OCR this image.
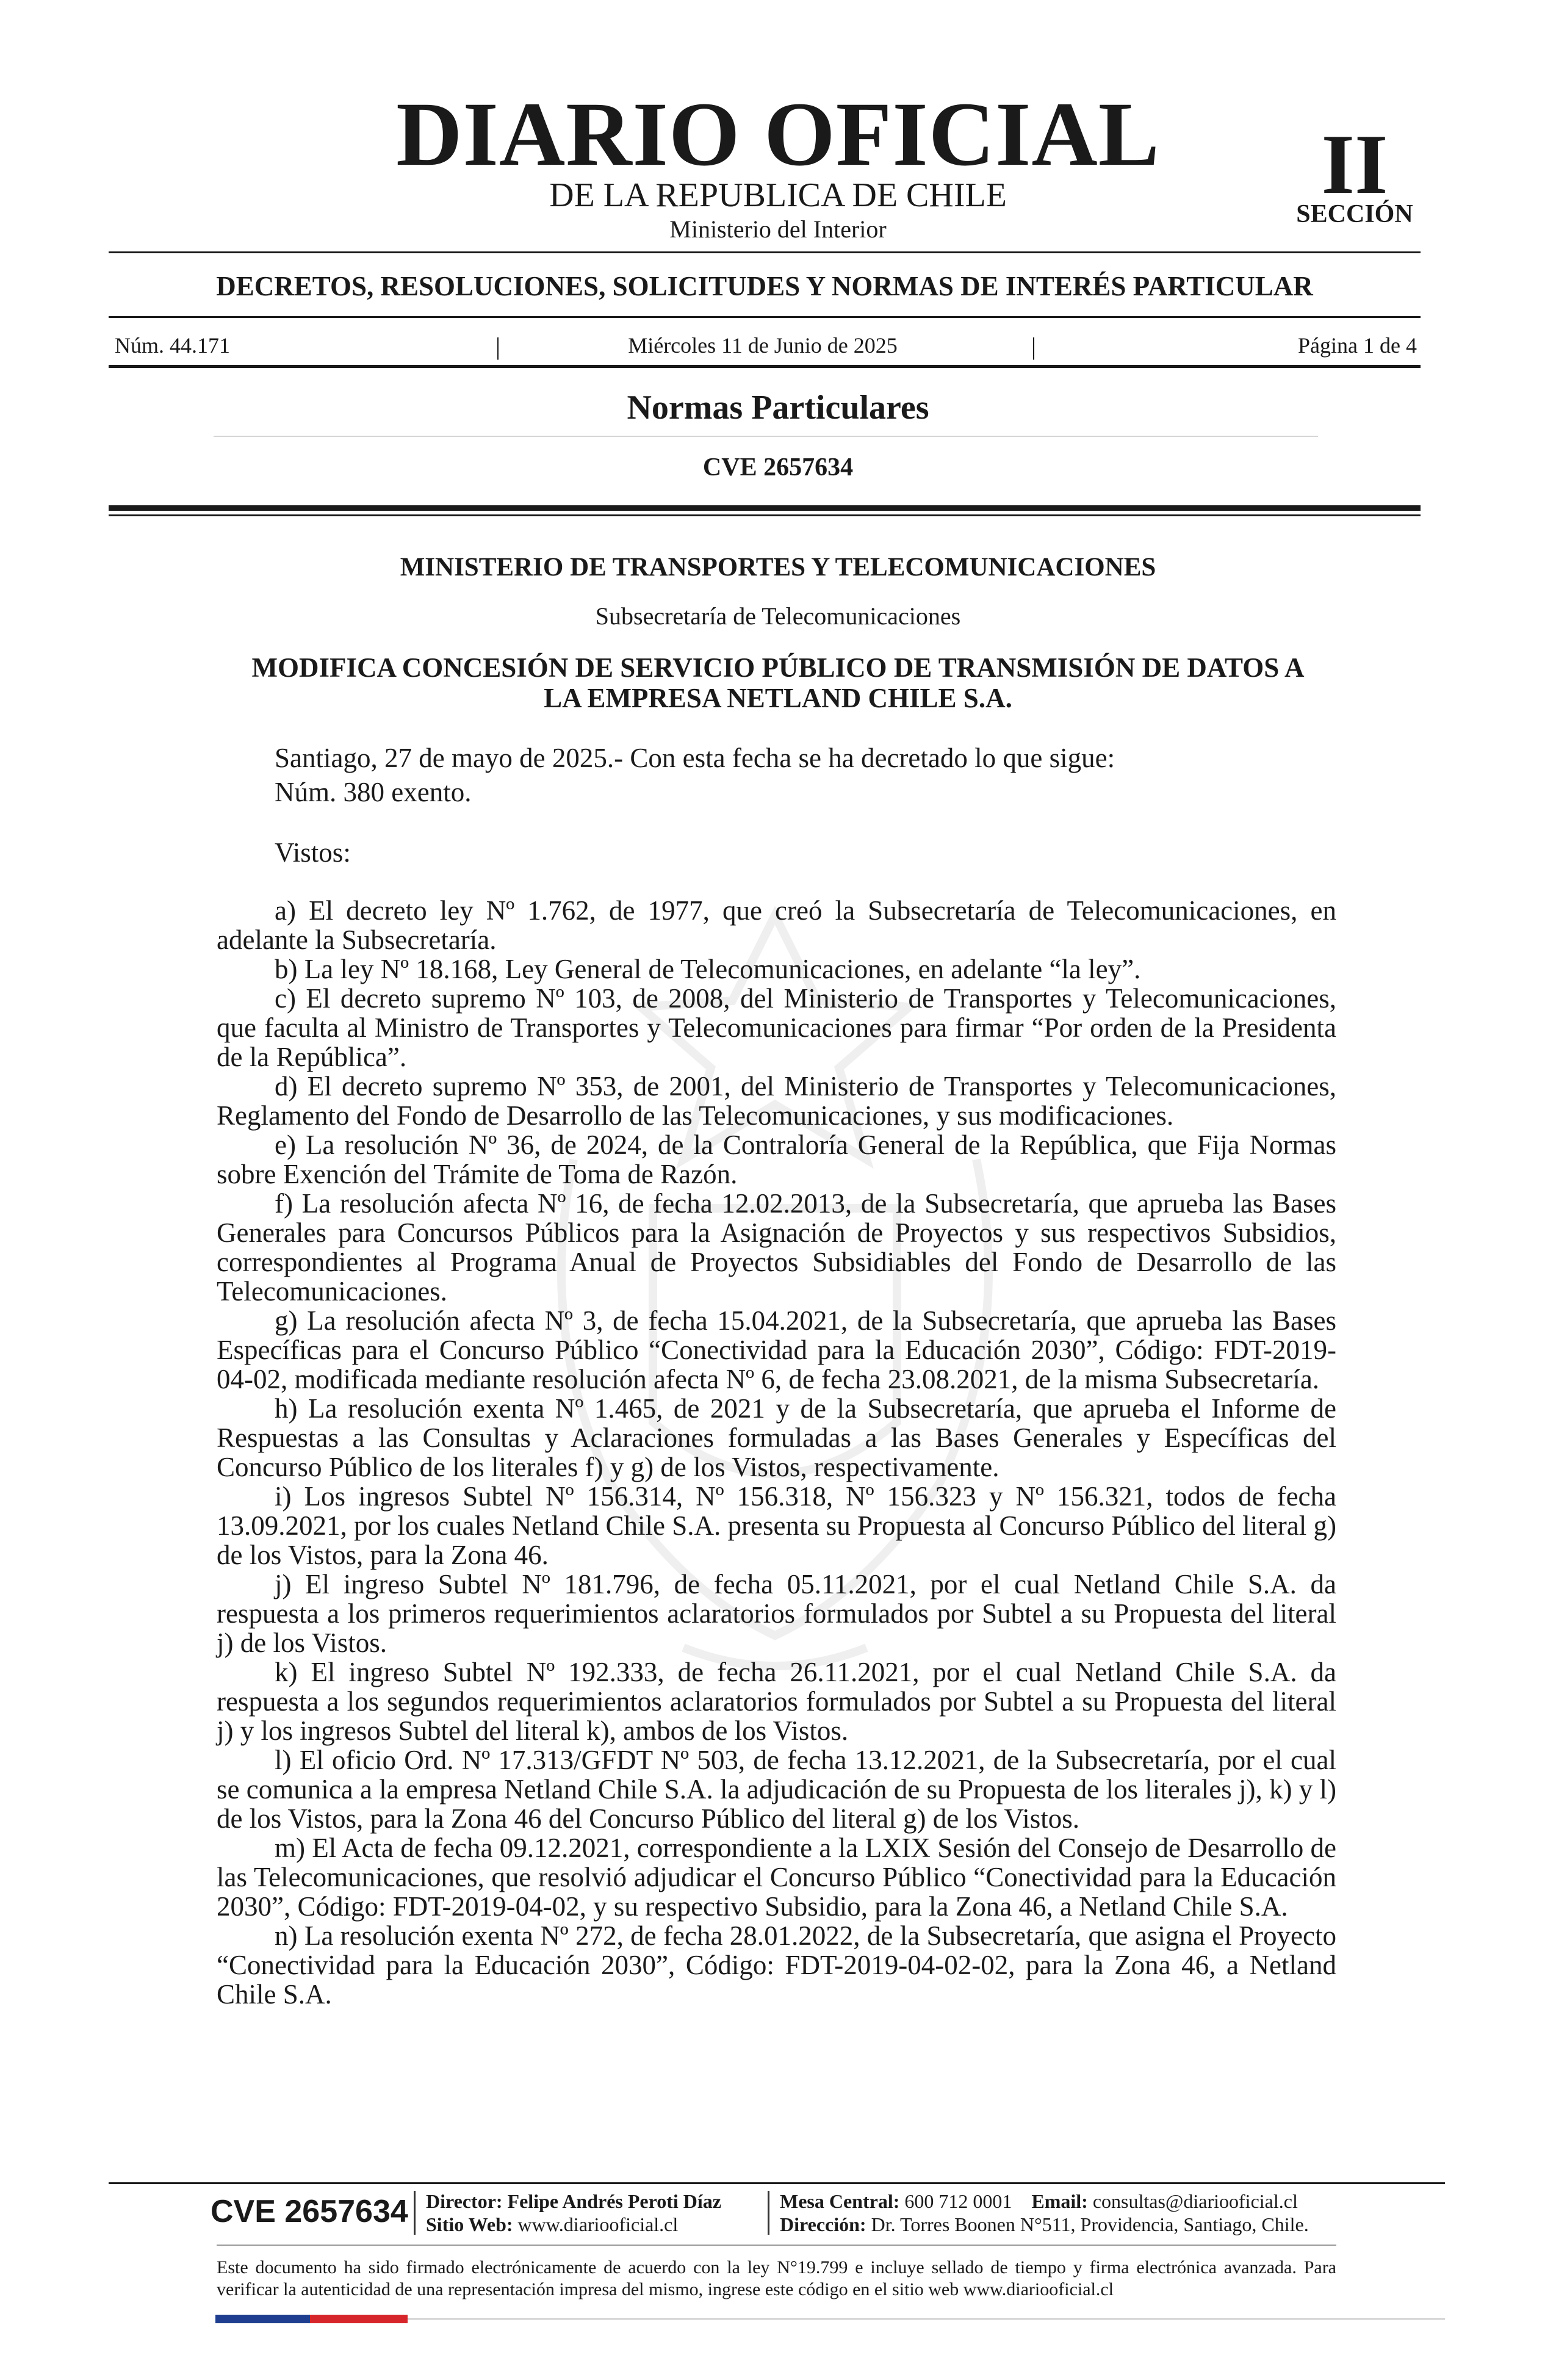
DIARIO OFICIAL
DE LA REPUBLICA DE CHILE
Ministerio del Interior
II
SECCIÓN
DECRETOS, RESOLUCIONES, SOLICITUDES Y NORMAS DE INTERÉS PARTICULAR
Núm. 44.171	|	Miércoles 11 de Junio de 2025	|	Página 1 de 4
Normas Particulares
CVE 2657634
MINISTERIO DE TRANSPORTES Y TELECOMUNICACIONES
Subsecretaría de Telecomunicaciones
MODIFICA CONCESIÓN DE SERVICIO PÚBLICO DE TRANSMISIÓN DE DATOS A
LA EMPRESA NETLAND CHILE S.A.
Santiago, 27 de mayo de 2025.- Con esta fecha se ha decretado lo que sigue:
Núm. 380 exento.
Vistos:

a) El decreto ley Nº 1.762, de 1977, que creó la Subsecretaría de Telecomunicaciones, en adelante la Subsecretaría.

b) La ley Nº 18.168, Ley General de Telecomunicaciones, en adelante “la ley”.

c) El decreto supremo Nº 103, de 2008, del Ministerio de Transportes y Telecomunicaciones, que faculta al Ministro de Transportes y Telecomunicaciones para firmar “Por orden de la Presidenta de la República”.

d) El decreto supremo Nº 353, de 2001, del Ministerio de Transportes y Telecomunicaciones, Reglamento del Fondo de Desarrollo de las Telecomunicaciones, y sus modificaciones.

e) La resolución Nº 36, de 2024, de la Contraloría General de la República, que Fija Normas sobre Exención del Trámite de Toma de Razón.

f) La resolución afecta Nº 16, de fecha 12.02.2013, de la Subsecretaría, que aprueba las Bases Generales para Concursos Públicos para la Asignación de Proyectos y sus respectivos Subsidios, correspondientes al Programa Anual de Proyectos Subsidiables del Fondo de Desarrollo de las Telecomunicaciones.

g) La resolución afecta Nº 3, de fecha 15.04.2021, de la Subsecretaría, que aprueba las Bases Específicas para el Concurso Público “Conectividad para la Educación 2030”, Código: FDT-2019-04-02, modificada mediante resolución afecta Nº 6, de fecha 23.08.2021, de la misma Subsecretaría.

h) La resolución exenta Nº 1.465, de 2021 y de la Subsecretaría, que aprueba el Informe de Respuestas a las Consultas y Aclaraciones formuladas a las Bases Generales y Específicas del Concurso Público de los literales f) y g) de los Vistos, respectivamente.

i) Los ingresos Subtel Nº 156.314, Nº 156.318, Nº 156.323 y Nº 156.321, todos de fecha 13.09.2021, por los cuales Netland Chile S.A. presenta su Propuesta al Concurso Público del literal g) de los Vistos, para la Zona 46.

j) El ingreso Subtel Nº 181.796, de fecha 05.11.2021, por el cual Netland Chile S.A. da respuesta a los primeros requerimientos aclaratorios formulados por Subtel a su Propuesta del literal j) de los Vistos.

k) El ingreso Subtel Nº 192.333, de fecha 26.11.2021, por el cual Netland Chile S.A. da respuesta a los segundos requerimientos aclaratorios formulados por Subtel a su Propuesta del literal j) y los ingresos Subtel del literal k), ambos de los Vistos.

l) El oficio Ord. Nº 17.313/GFDT Nº 503, de fecha 13.12.2021, de la Subsecretaría, por el cual se comunica a la empresa Netland Chile S.A. la adjudicación de su Propuesta de los literales j), k) y l) de los Vistos, para la Zona 46 del Concurso Público del literal g) de los Vistos.

m) El Acta de fecha 09.12.2021, correspondiente a la LXIX Sesión del Consejo de Desarrollo de las Telecomunicaciones, que resolvió adjudicar el Concurso Público “Conectividad para la Educación 2030”, Código: FDT-2019-04-02, y su respectivo Subsidio, para la Zona 46, a Netland Chile S.A.

n) La resolución exenta Nº 272, de fecha 28.01.2022, de la Subsecretaría, que asigna el Proyecto “Conectividad para la Educación 2030”, Código: FDT-2019-04-02-02, para la Zona 46, a Netland Chile S.A.

CVE 2657634 Director: Felipe Andrés Peroti Díaz
Sitio Web: www.diariooficial.cl
Mesa Central: 600 712 0001 Email: consultas@diariooficial.cl
Dirección: Dr. Torres Boonen N°511, Providencia, Santiago, Chile.
Este documento ha sido firmado electrónicamente de acuerdo con la ley N°19.799 e incluye sellado de tiempo y firma electrónica avanzada. Para verificar la autenticidad de una representación impresa del mismo, ingrese este código en el sitio web www.diariooficial.cl
